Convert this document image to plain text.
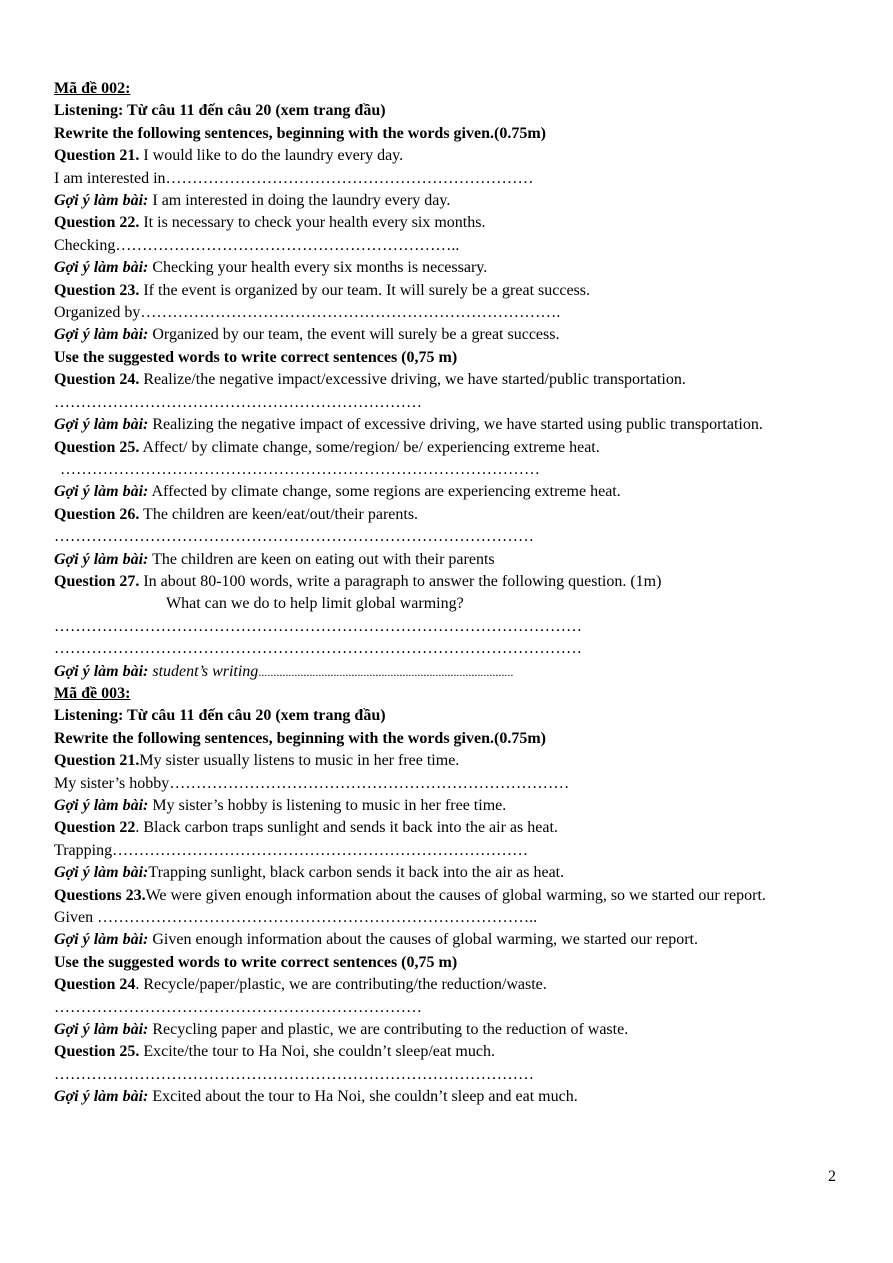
Mã đề 002:
Listening: Từ câu 11 đến câu 20 (xem trang đầu)
Rewrite the following sentences, beginning with the words given.(0.75m)
Question 21. I would like to do the laundry every day.
I am interested in……………………………………………………………
Gợi ý làm bài: I am interested in doing the laundry every day.
Question 22. It is necessary to check your health every six months.
Checking………………………………………………………..
Gợi ý làm bài: Checking your health every six months is necessary.
Question 23. If the event is organized by our team. It will surely be a great success.
Organized by…………………………………………………………………….
Gợi ý làm bài: Organized by our team, the event will surely be a great success.
Use the suggested words to write correct sentences (0,75 m)
Question 24. Realize/the negative impact/excessive driving, we have started/public transportation.
……………………………………………………………
Gợi ý làm bài: Realizing the negative impact of excessive driving, we have started using public transportation.
Question 25. Affect/ by climate change, some/region/ be/ experiencing extreme heat.
………………………………………………………………………………
Gợi ý làm bài: Affected by climate change, some regions are experiencing extreme heat.
Question 26. The children are keen/eat/out/their parents.
………………………………………………………………………………
Gợi ý làm bài: The children are keen on eating out with their parents
Question 27. In about 80-100 words, write a paragraph to answer the following question. (1m)
What can we do to help limit global warming?
………………………………………………………………………………………
………………………………………………………………………………………
Gợi ý làm bài: student’s writing.....................................................................................
Mã đề 003:
Listening: Từ câu 11 đến câu 20 (xem trang đầu)
Rewrite the following sentences, beginning with the words given.(0.75m)
Question 21.My sister usually listens to music in her free time.
My sister’s hobby…………………………………………………………………
Gợi ý làm bài: My sister’s hobby is listening to music in her free time.
Question 22. Black carbon traps sunlight and sends it back into the air as heat.
Trapping……………………………………………………………………
Gợi ý làm bài:Trapping sunlight, black carbon sends it back into the air as heat.
Questions 23.We were given enough information about the causes of global warming, so we started our report.
Given ………………………………………………………………………..
Gợi ý làm bài: Given enough information about the causes of global warming, we started our report.
Use the suggested words to write correct sentences (0,75 m)
Question 24. Recycle/paper/plastic, we are contributing/the reduction/waste.
……………………………………………………………
Gợi ý làm bài: Recycling paper and plastic, we are contributing to the reduction of waste.
Question 25. Excite/the tour to Ha Noi, she couldn’t sleep/eat much.
………………………………………………………………………………
Gợi ý làm bài: Excited about the tour to Ha Noi, she couldn’t sleep and eat much.
2
